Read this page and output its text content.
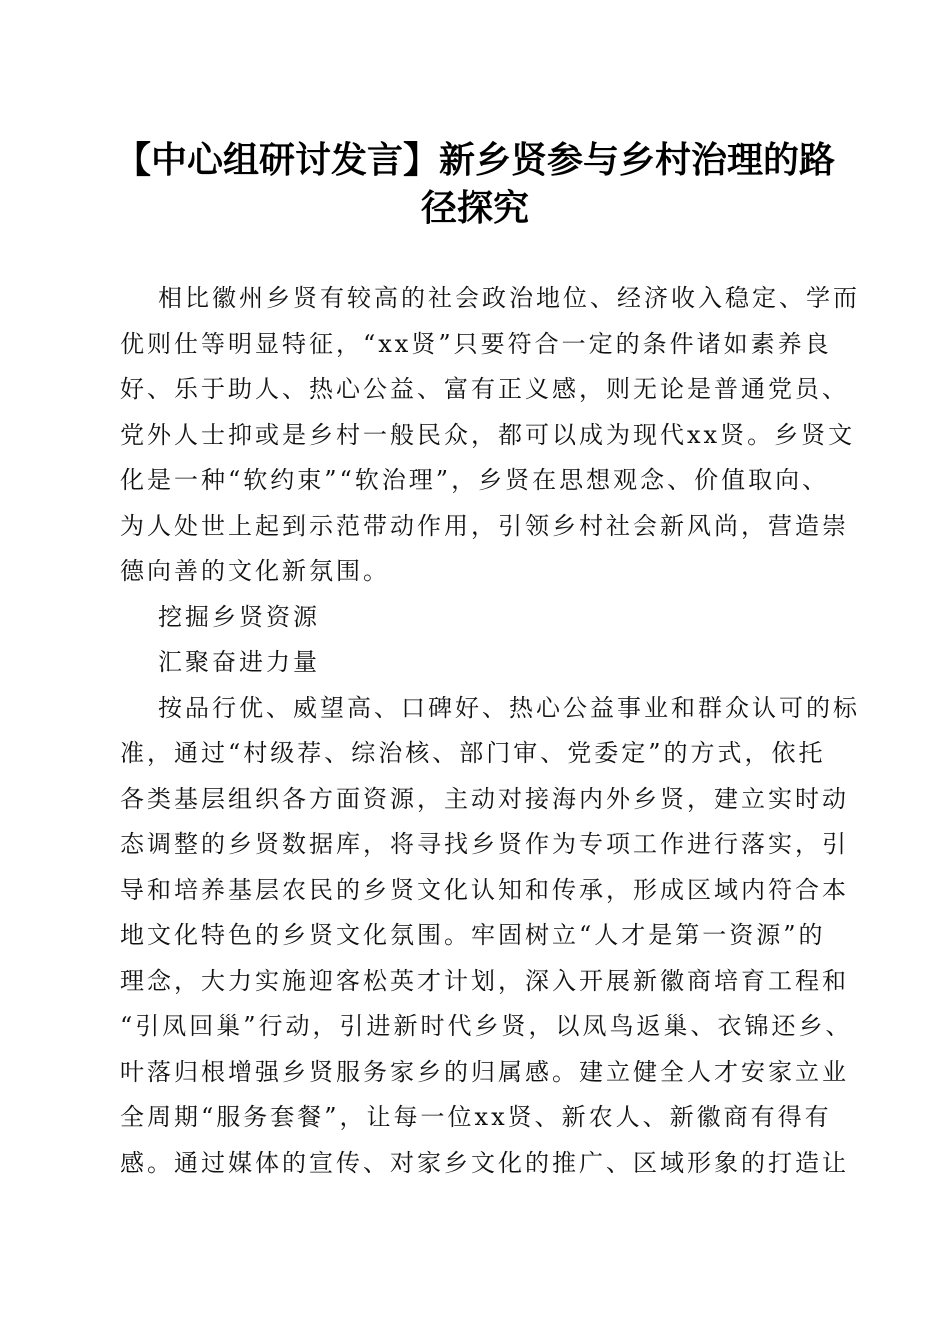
【中心组研讨发言】新乡贤参与乡村治理的路
径探究

相比徽州乡贤有较高的社会政治地位、经济收入稳定、学而
优则仕等明显特征，“xx贤”只要符合一定的条件诸如素养良
好、乐于助人、热心公益、富有正义感，则无论是普通党员、
党外人士抑或是乡村一般民众，都可以成为现代xx贤。乡贤文
化是一种“软约束”“软治理”，乡贤在思想观念、价值取向、
为人处世上起到示范带动作用，引领乡村社会新风尚，营造崇
德向善的文化新氛围。

挖掘乡贤资源

汇聚奋进力量

按品行优、威望高、口碑好、热心公益事业和群众认可的标
准，通过“村级荐、综治核、部门审、党委定”的方式，依托
各类基层组织各方面资源，主动对接海内外乡贤，建立实时动
态调整的乡贤数据库，将寻找乡贤作为专项工作进行落实，引
导和培养基层农民的乡贤文化认知和传承，形成区域内符合本
地文化特色的乡贤文化氛围。牢固树立“人才是第一资源”的
理念，大力实施迎客松英才计划，深入开展新徽商培育工程和
“引凤回巢”行动，引进新时代乡贤，以凤鸟返巢、衣锦还乡、
叶落归根增强乡贤服务家乡的归属感。建立健全人才安家立业
全周期“服务套餐”，让每一位xx贤、新农人、新徽商有得有
感。通过媒体的宣传、对家乡文化的推广、区域形象的打造让
